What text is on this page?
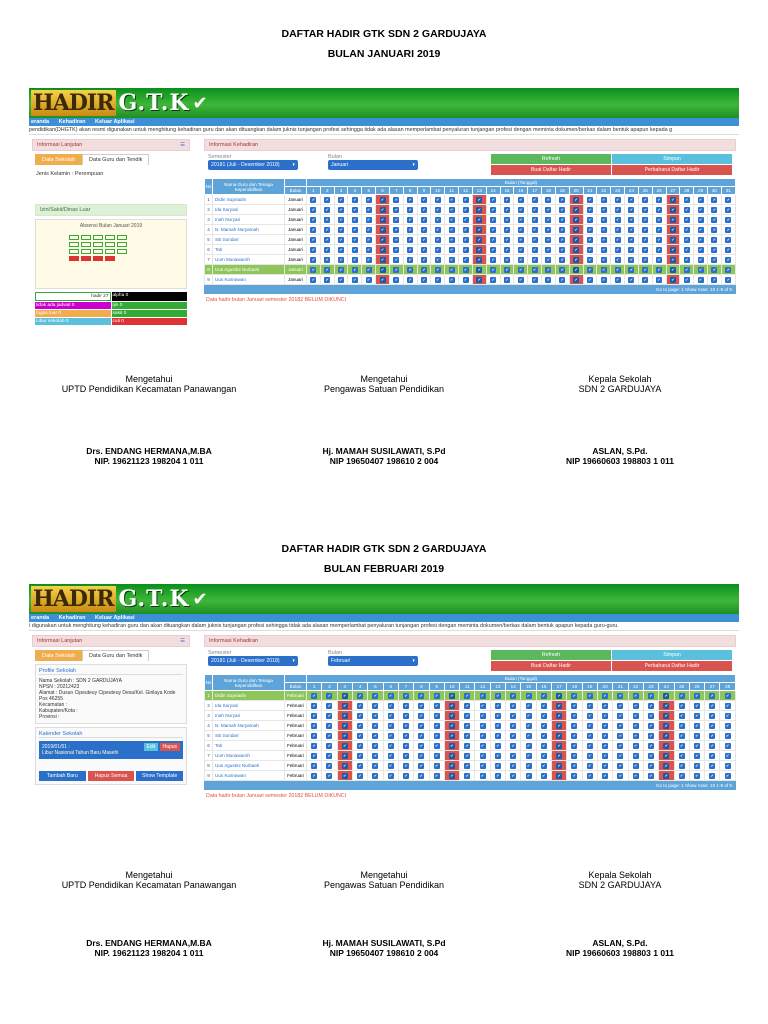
DAFTAR HADIR GTK SDN 2 GARDUJAYA
BULAN JANUARI 2019
HADIR G.T.K ✔
eranda Kehadiran Keluar Aplikasi
pendidikan(DHGTK) akan resmi digunakan untuk menghitung kehadiran guru dan akan dituangkan dalam juknis tunjangan profesi sehingga tidak ada alasan memperlambat penyaluran tunjangan profesi dengan meminta dokumen/berkas dalam bentuk apapun kepada g
Informasi Lanjutan	☰
Data Sekolah	Data Guru dan Tendik
Jenis Kelamin : Perempuan
Izin/Sakit/Dinas Luar
Absensi Bulan Januari 2019
hadir 27 alpha 0
tidak ada jadwal 0	ijin 0
tugas luar 0	sakit 0
Libur sekolah 0	cuti 0
Informasi Kehadiran
Semester
20181 (Juli - Desember 2018) ▾
Bulan
Januari	▾
Refresh	Simpan
Buat Daftar Hadir	Perbaharui Daftar Hadir
No	Nama Guru dan Tenaga Kependidikan		Bulan (Tanggal)
Bulan	1	2	3	4	5	6	7	8	9	10	11	12	13	14	15	16	17	18	19	20	21	22	23	24	25	26	27	28	29	30	31
1	Didin Supriadin	Januari	✔	✔	✔	✔	✔	✔	✔	✔	✔	✔	✔	✔	✔	✔	✔	✔	✔	✔	✔	✔	✔	✔	✔	✔	✔	✔	✔	✔	✔	✔	✔
2	Ida Suryani	Januari	✔	✔	✔	✔	✔	✔	✔	✔	✔	✔	✔	✔	✔	✔	✔	✔	✔	✔	✔	✔	✔	✔	✔	✔	✔	✔	✔	✔	✔	✔	✔
3	Inah Nuryati	Januari	✔	✔	✔	✔	✔	✔	✔	✔	✔	✔	✔	✔	✔	✔	✔	✔	✔	✔	✔	✔	✔	✔	✔	✔	✔	✔	✔	✔	✔	✔	✔
4	N. Mamah Nuryamah	Januari	✔	✔	✔	✔	✔	✔	✔	✔	✔	✔	✔	✔	✔	✔	✔	✔	✔	✔	✔	✔	✔	✔	✔	✔	✔	✔	✔	✔	✔	✔	✔
5	Siti Sundari	Januari	✔	✔	✔	✔	✔	✔	✔	✔	✔	✔	✔	✔	✔	✔	✔	✔	✔	✔	✔	✔	✔	✔	✔	✔	✔	✔	✔	✔	✔	✔	✔
6	Tati	Januari	✔	✔	✔	✔	✔	✔	✔	✔	✔	✔	✔	✔	✔	✔	✔	✔	✔	✔	✔	✔	✔	✔	✔	✔	✔	✔	✔	✔	✔	✔	✔
7	Uum Munawaroh	Januari	✔	✔	✔	✔	✔	✔	✔	✔	✔	✔	✔	✔	✔	✔	✔	✔	✔	✔	✔	✔	✔	✔	✔	✔	✔	✔	✔	✔	✔	✔	✔
8	Uus Agustini Nurbaeti	Januari	✔	✔	✔	✔	✔	✔	✔	✔	✔	✔	✔	✔	✔	✔	✔	✔	✔	✔	✔	✔	✔	✔	✔	✔	✔	✔	✔	✔	✔	✔	✔
9	Uus Kusnawan	Januari	✔	✔	✔	✔	✔	✔	✔	✔	✔	✔	✔	✔	✔	✔	✔	✔	✔	✔	✔	✔	✔	✔	✔	✔	✔	✔	✔	✔	✔	✔	✔
Go to page: 1 Show rows: 10 1-9 of 9
Data hadir bulan Januari semester 20182 BELUM DIKUNCI
Mengetahui
UPTD Pendidikan Kecamatan Panawangan
Mengetahui
Pengawas Satuan Pendidikan
Kepala Sekolah
SDN 2 GARDUJAYA
Drs. ENDANG HERMANA,M.BA
NIP. 19621123 198204 1 011
Hj. MAMAH SUSILAWATI, S.Pd
NIP 19650407 198610 2 004
ASLAN, S.Pd.
NIP 19660603 198803 1 011
DAFTAR HADIR GTK SDN 2 GARDUJAYA
BULAN FEBRUARI 2019
HADIR G.T.K ✔
eranda Kehadiran Keluar Aplikasi
i digunakan untuk menghitung kehadiran guru dan akan dituangkan dalam juknis tunjangan profesi sehingga tidak ada alasan memperlambat penyaluran tunjangan profesi dengan meminta dokumen/berkas dalam bentuk apapun kepada guru-guru.
Informasi Lanjutan	☰
Data Sekolah	Data Guru dan Tendik
Profile Sekolah
Nama Sekolah : SDN 2 GARDUJAYA
NPSN : 20212423
Alamat : Dusun Cipeuteuy Cipeuteuy Desa/Kel. Girilaya Kode Pos 46255
Kecamatan :
Kabupaten/Kota :
Provinsi :
Kalender Sekolah
2019/01/01 :
Libur Nasional Tahun Baru Masehi
Edit Hapus
Tambah Baru	Hapus Semua	Show Template
Informasi Kehadiran
Semester
20181 (Juli - Desember 2018) ▾
Bulan
Februari	▾
Refresh	Simpan
Buat Daftar Hadir	Perbaharui Daftar Hadir
No	Nama Guru dan Tenaga Kependidikan		Bulan (Tanggal)
Bulan	1	2	3	4	5	6	7	8	9	10	11	12	13	14	15	16	17	18	19	20	21	22	23	24	25	26	27	28
1	Didin Supriadin	Februari	✔	✔	✔	✔	✔	✔	✔	✔	✔	✔	✔	✔	✔	✔	✔	✔	✔	✔	✔	✔	✔	✔	✔	✔	✔	✔	✔	✔
2	Ida Suryani	Februari	✔	✔	✔	✔	✔	✔	✔	✔	✔	✔	✔	✔	✔	✔	✔	✔	✔	✔	✔	✔	✔	✔	✔	✔	✔	✔	✔	✔
3	Inah Nuryati	Februari	✔	✔	✔	✔	✔	✔	✔	✔	✔	✔	✔	✔	✔	✔	✔	✔	✔	✔	✔	✔	✔	✔	✔	✔	✔	✔	✔	✔
4	N. Mamah Nuryamah	Februari	✔	✔	✔	✔	✔	✔	✔	✔	✔	✔	✔	✔	✔	✔	✔	✔	✔	✔	✔	✔	✔	✔	✔	✔	✔	✔	✔	✔
5	Siti Sundari	Februari	✔	✔	✔	✔	✔	✔	✔	✔	✔	✔	✔	✔	✔	✔	✔	✔	✔	✔	✔	✔	✔	✔	✔	✔	✔	✔	✔	✔
6	Tati	Februari	✔	✔	✔	✔	✔	✔	✔	✔	✔	✔	✔	✔	✔	✔	✔	✔	✔	✔	✔	✔	✔	✔	✔	✔	✔	✔	✔	✔
7	Uum Munawaroh	Februari	✔	✔	✔	✔	✔	✔	✔	✔	✔	✔	✔	✔	✔	✔	✔	✔	✔	✔	✔	✔	✔	✔	✔	✔	✔	✔	✔	✔
8	Uus Agustini Nurbaeti	Februari	✔	✔	✔	✔	✔	✔	✔	✔	✔	✔	✔	✔	✔	✔	✔	✔	✔	✔	✔	✔	✔	✔	✔	✔	✔	✔	✔	✔
9	Uus Kusnawan	Februari	✔	✔	✔	✔	✔	✔	✔	✔	✔	✔	✔	✔	✔	✔	✔	✔	✔	✔	✔	✔	✔	✔	✔	✔	✔	✔	✔	✔
Go to page: 1 Show rows: 10 1-9 of 9
Data hadir bulan Januari semester 20182 BELUM DIKUNCI
Mengetahui
UPTD Pendidikan Kecamatan Panawangan
Mengetahui
Pengawas Satuan Pendidikan
Kepala Sekolah
SDN 2 GARDUJAYA
Drs. ENDANG HERMANA,M.BA
NIP. 19621123 198204 1 011
Hj. MAMAH SUSILAWATI, S.Pd
NIP 19650407 198610 2 004
ASLAN, S.Pd.
NIP 19660603 198803 1 011
